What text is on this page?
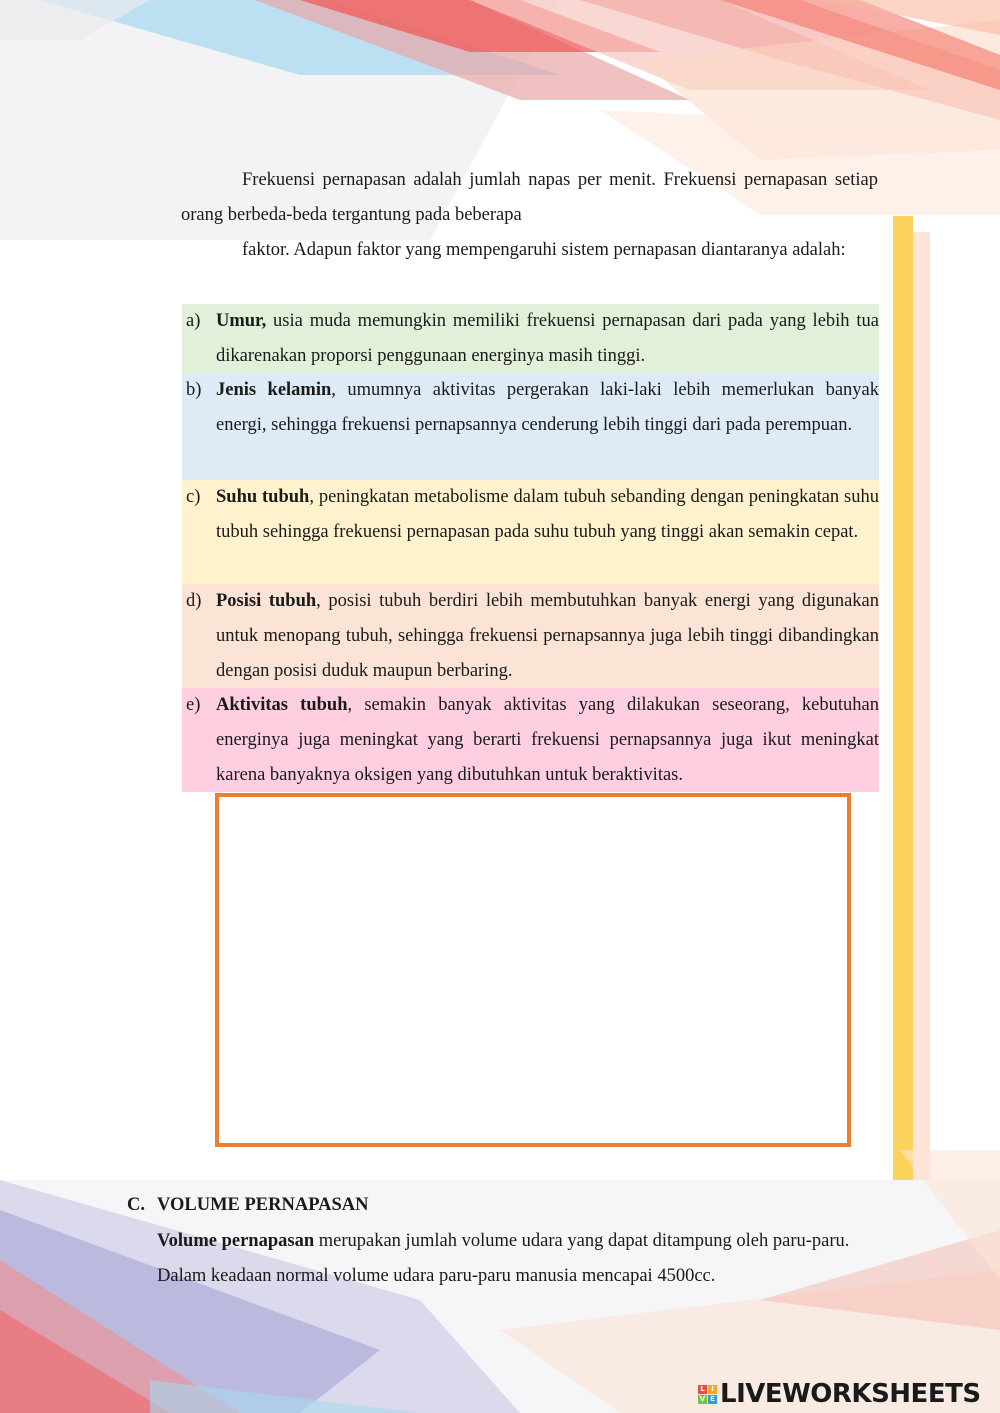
Frekuensi pernapasan adalah jumlah napas per menit. Frekuensi pernapasan setiap orang berbeda-beda tergantung pada beberapa
faktor. Adapun faktor yang mempengaruhi sistem pernapasan diantaranya adalah:
a) Umur, usia muda memungkin memiliki frekuensi pernapasan dari pada yang lebih tua dikarenakan proporsi penggunaan energinya masih tinggi.
b) Jenis kelamin, umumnya aktivitas pergerakan laki-laki lebih memerlukan banyak energi, sehingga frekuensi pernapsannya cenderung lebih tinggi dari pada perempuan.
c) Suhu tubuh, peningkatan metabolisme dalam tubuh sebanding dengan peningkatan suhu tubuh sehingga frekuensi pernapasan pada suhu tubuh yang tinggi akan semakin cepat.
d) Posisi tubuh, posisi tubuh berdiri lebih membutuhkan banyak energi yang digunakan untuk menopang tubuh, sehingga frekuensi pernapsannya juga lebih tinggi dibandingkan dengan posisi duduk maupun berbaring.
e) Aktivitas tubuh, semakin banyak aktivitas yang dilakukan seseorang, kebutuhan energinya juga meningkat yang berarti frekuensi pernapsannya juga ikut meningkat karena banyaknya oksigen yang dibutuhkan untuk beraktivitas.
C. VOLUME PERNAPASAN
Volume pernapasan merupakan jumlah volume udara yang dapat ditampung oleh paru-paru. Dalam keadaan normal volume udara paru-paru manusia mencapai 4500cc.
L I
V E LIVEWORKSHEETS
